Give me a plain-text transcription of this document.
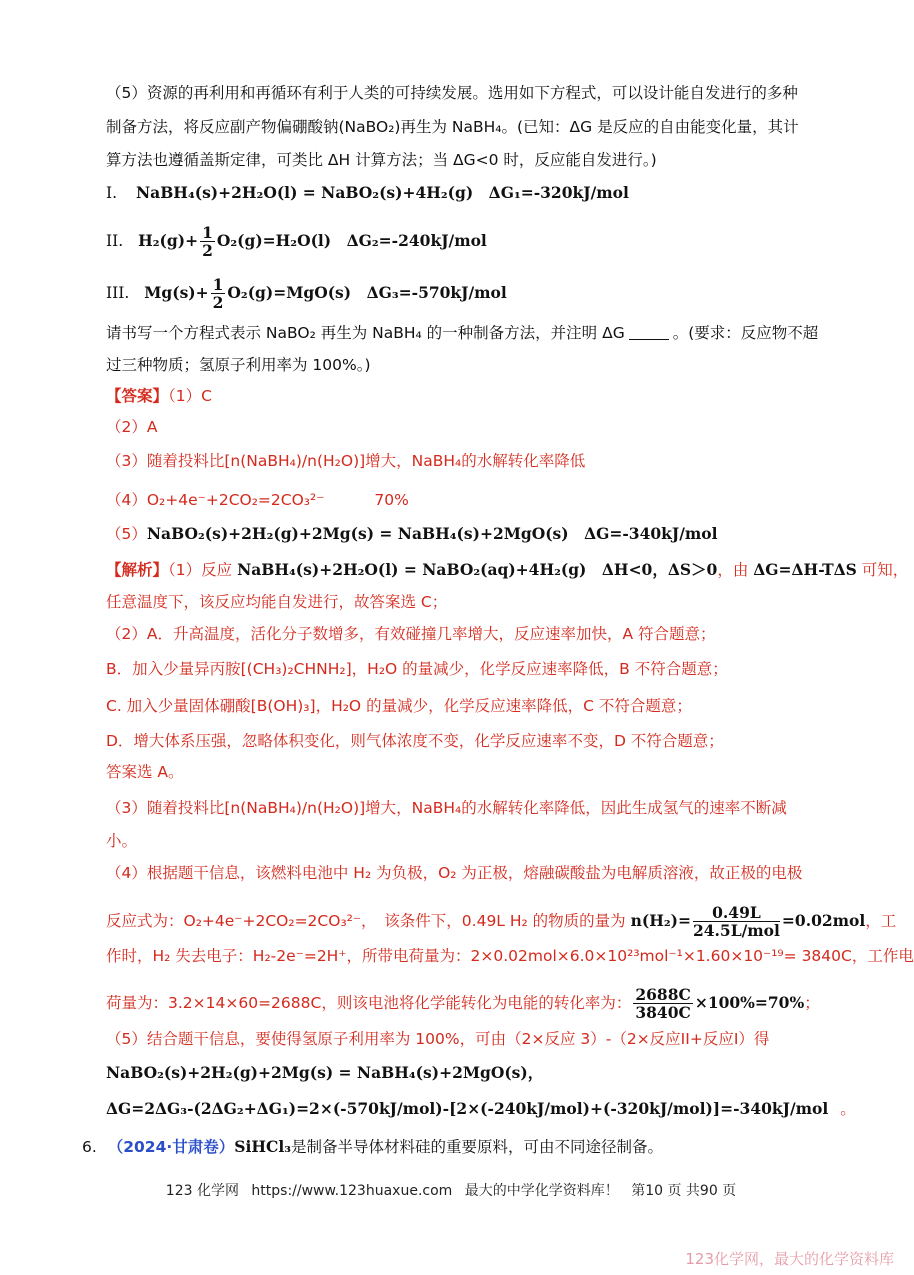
（5）资源的再利用和再循环有利于人类的可持续发展。选用如下方程式，可以设计能自发进行的多种
制备方法，将反应副产物偏硼酸钠(NaBO₂)再生为 NaBH₄。(已知：ΔG 是反应的自由能变化量，其计
算方法也遵循盖斯定律，可类比 ΔH 计算方法；当 ΔG<0 时，反应能自发进行。)
I. NaBH₄(s)+2H₂O(l) = NaBO₂(s)+4H₂(g)　ΔG₁=-320kJ/mol
II. $H_2(g)+ \frac{1}{2} O_2(g)=H_2O(l)$　ΔG₂=-240kJ/mol
III. $Mg(s)+ \frac{1}{2} O_2(g)=MgO(s)$　ΔG₃=-570kJ/mol
请书写一个方程式表示 NaBO₂ 再生为 NaBH₄ 的一种制备方法，并注明 ΔG	。(要求：反应物不超
过三种物质；氢原子利用率为 100%。)
【答案】（1）C
（2）A
（3）随着投料比[n(NaBH₄)/n(H₂O)]增大，NaBH₄的水解转化率降低
（4）O₂+4e⁻+2CO₂=2CO₃²⁻	70%
（5）NaBO₂(s)+2H₂(g)+2Mg(s) = NaBH₄(s)+2MgO(s)　ΔG=-340kJ/mol
【解析】（1）反应 NaBH₄(s)+2H₂O(l) = NaBO₂(aq)+4H₂(g)　ΔH<0，ΔS＞0，由 ΔG=ΔH-TΔS 可知，
任意温度下，该反应均能自发进行，故答案选 C；
（2）A．升高温度，活化分子数增多，有效碰撞几率增大，反应速率加快，A 符合题意；
B．加入少量异丙胺[(CH₃)₂CHNH₂]，H₂O 的量减少，化学反应速率降低，B 不符合题意；
C. 加入少量固体硼酸[B(OH)₃]，H₂O 的量减少，化学反应速率降低，C 不符合题意；
D．增大体系压强，忽略体积变化，则气体浓度不变，化学反应速率不变，D 不符合题意；
答案选 A。
（3）随着投料比[n(NaBH₄)/n(H₂O)]增大，NaBH₄的水解转化率降低，因此生成氢气的速率不断减
小。
（4）根据题干信息，该燃料电池中 H₂ 为负极，O₂ 为正极，熔融碳酸盐为电解质溶液，故正极的电极
反应式为：O₂+4e⁻+2CO₂=2CO₃²⁻，　该条件下，0.49L H₂ 的物质的量为 $n(H_2)= \frac{0.49L}{\text{24.5L/mol}} =0.02mol$，工
作时，H₂ 失去电子：H₂-2e⁻=2H⁺，所带电荷量为：2×0.02mol×6.0×10²³mol⁻¹×1.60×10⁻¹⁹= 3840C，工作电
荷量为：3.2×14×60=2688C，则该电池将化学能转化为电能的转化率为： $\frac{2688C}{3840C} \times 100\%=70\%$；
（5）结合题干信息，要使得氢原子利用率为 100%，可由（2×反应 3）-（2×反应II+反应I）得
NaBO₂(s)+2H₂(g)+2Mg(s) = NaBH₄(s)+2MgO(s)，
ΔG=2ΔG₃-(2ΔG₂+ΔG₁)=2×(-570kJ/mol)-[2×(-240kJ/mol)+(-320kJ/mol)]=-340kJ/mol 。
6. （2024·甘肃卷）SiHCl₃是制备半导体材料硅的重要原料，可由不同途径制备。
123 化学网 https://www.123huaxue.com 最大的中学化学资料库！ 第10 页 共90 页
123化学网，最大的化学资料库
